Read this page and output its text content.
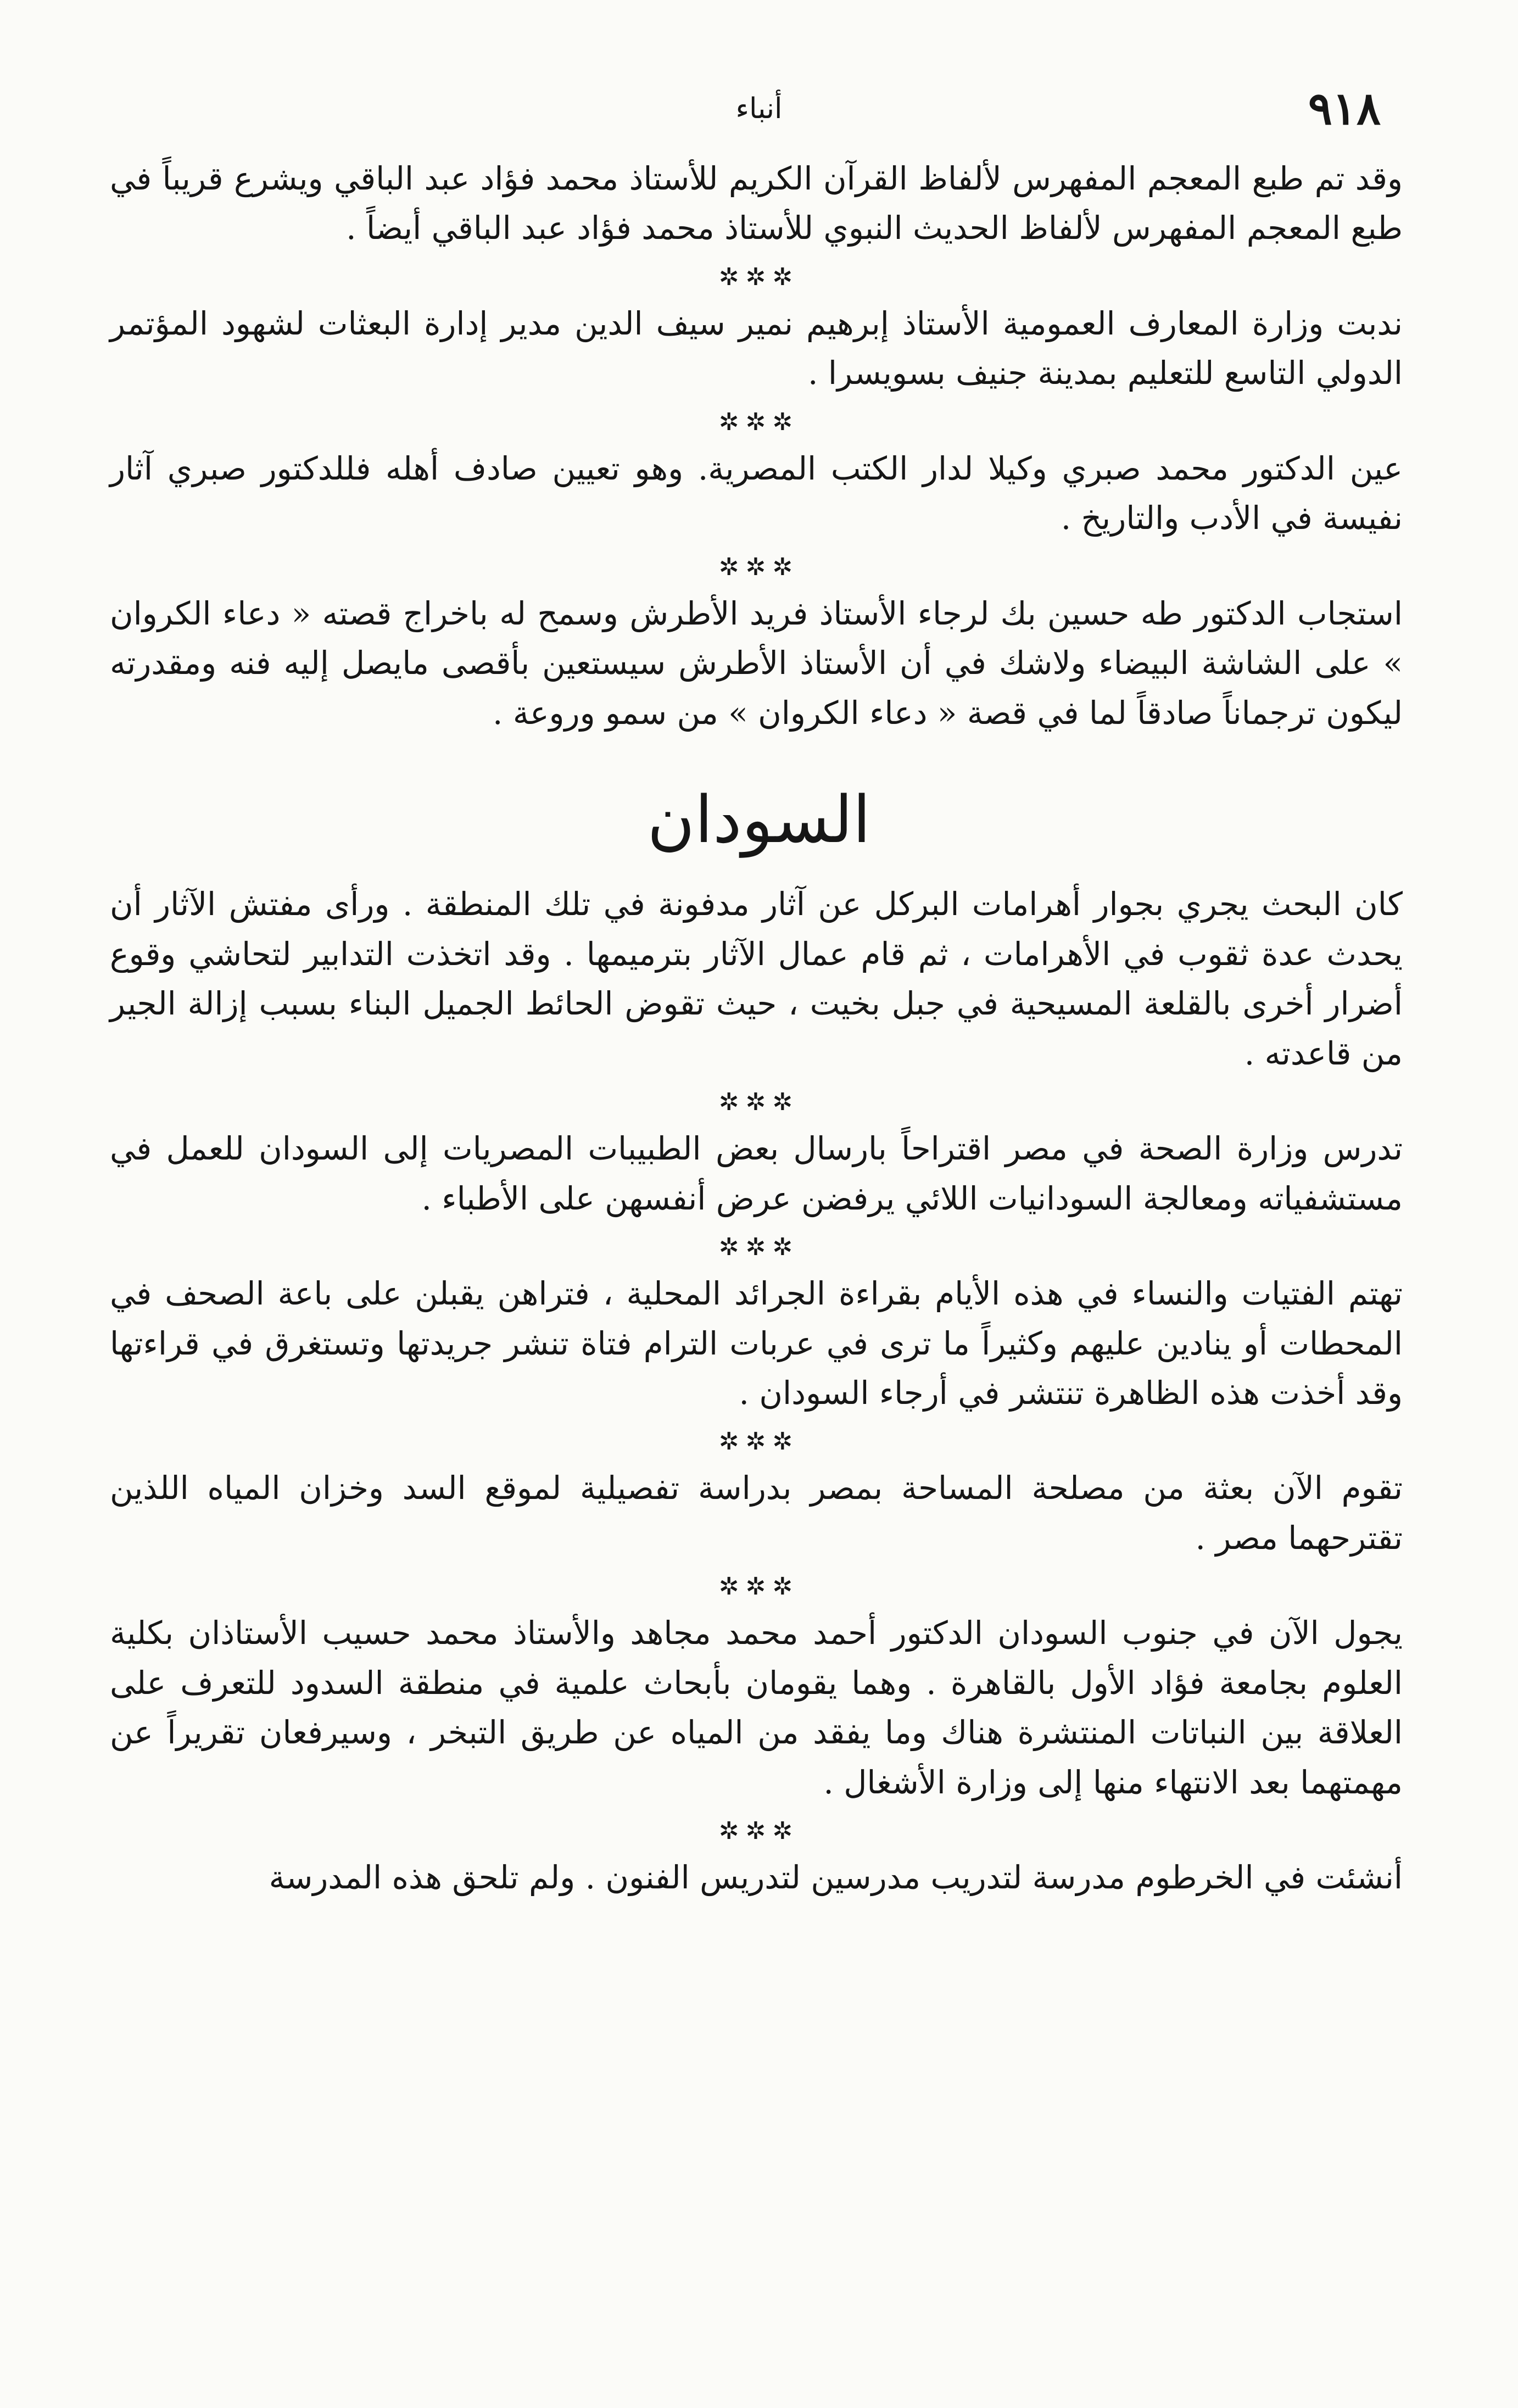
٩١٨
أنباء

وقد تم طبع المعجم المفهرس لألفاظ القرآن الكريم للأستاذ محمد فؤاد عبد الباقي ويشرع قريباً في طبع المعجم المفهرس لألفاظ الحديث النبوي للأستاذ محمد فؤاد عبد الباقي أيضاً .

✲✲✲

ندبت وزارة المعارف العمومية الأستاذ إبرهيم نمير سيف الدين مدير إدارة البعثات لشهود المؤتمر الدولي التاسع للتعليم بمدينة جنيف بسويسرا .

✲✲✲

عين الدكتور محمد صبري وكيلا لدار الكتب المصرية. وهو تعيين صادف أهله فللدكتور صبري آثار نفيسة في الأدب والتاريخ .

✲✲✲

استجاب الدكتور طه حسين بك لرجاء الأستاذ فريد الأطرش وسمح له باخراج قصته « دعاء الكروان » على الشاشة البيضاء ولاشك في أن الأستاذ الأطرش سيستعين بأقصى مايصل إليه فنه ومقدرته ليكون ترجماناً صادقاً لما في قصة « دعاء الكروان » من سمو وروعة .

السودان

كان البحث يجري بجوار أهرامات البركل عن آثار مدفونة في تلك المنطقة . ورأى مفتش الآثار أن يحدث عدة ثقوب في الأهرامات ، ثم قام عمال الآثار بترميمها . وقد اتخذت التدابير لتحاشي وقوع أضرار أخرى بالقلعة المسيحية في جبل بخيت ، حيث تقوض الحائط الجميل البناء بسبب إزالة الجير من قاعدته .

✲✲✲

تدرس وزارة الصحة في مصر اقتراحاً بارسال بعض الطبيبات المصريات إلى السودان للعمل في مستشفياته ومعالجة السودانيات اللائي يرفضن عرض أنفسهن على الأطباء .

✲✲✲

تهتم الفتيات والنساء في هذه الأيام بقراءة الجرائد المحلية ، فتراهن يقبلن على باعة الصحف في المحطات أو ينادين عليهم وكثيراً ما ترى في عربات الترام فتاة تنشر جريدتها وتستغرق في قراءتها وقد أخذت هذه الظاهرة تنتشر في أرجاء السودان .

✲✲✲

تقوم الآن بعثة من مصلحة المساحة بمصر بدراسة تفصيلية لموقع السد وخزان المياه اللذين تقترحهما مصر .

✲✲✲

يجول الآن في جنوب السودان الدكتور أحمد محمد مجاهد والأستاذ محمد حسيب الأستاذان بكلية العلوم بجامعة فؤاد الأول بالقاهرة . وهما يقومان بأبحاث علمية في منطقة السدود للتعرف على العلاقة بين النباتات المنتشرة هناك وما يفقد من المياه عن طريق التبخر ، وسيرفعان تقريراً عن مهمتهما بعد الانتهاء منها إلى وزارة الأشغال .

✲✲✲

أنشئت في الخرطوم مدرسة لتدريب مدرسين لتدريس الفنون . ولم تلحق هذه المدرسة
